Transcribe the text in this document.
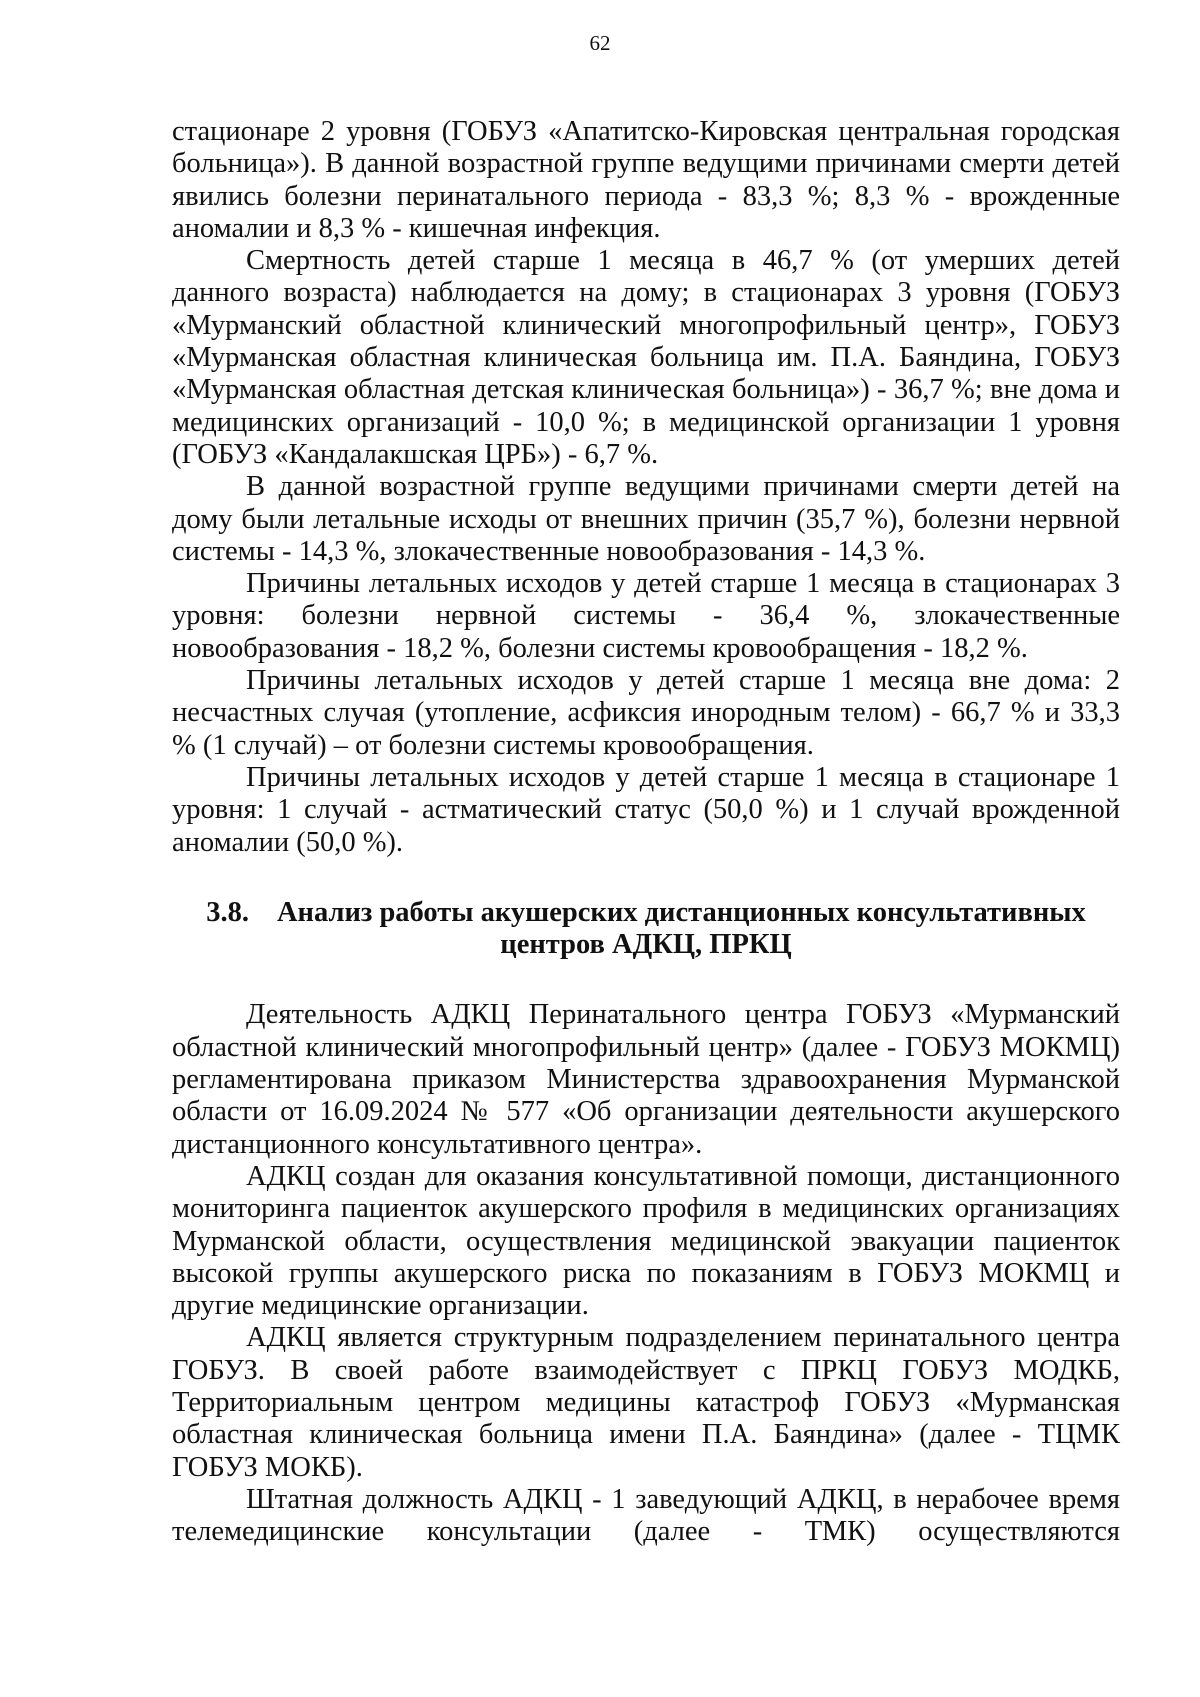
62

стационаре 2 уровня (ГОБУЗ «Апатитско-Кировская центральная городская больница»). В данной возрастной группе ведущими причинами смерти детей явились болезни перинатального периода - 83,3 %; 8,3 % - врожденные аномалии и 8,3 % - кишечная инфекция.

Смертность детей старше 1 месяца в 46,7 % (от умерших детей данного возраста) наблюдается на дому; в стационарах 3 уровня (ГОБУЗ «Мурманский областной клинический многопрофильный центр», ГОБУЗ «Мурманская областная клиническая больница им. П.А. Баяндина, ГОБУЗ «Мурманская областная детская клиническая больница») - 36,7 %; вне дома и медицинских организаций - 10,0 %; в медицинской организации 1 уровня (ГОБУЗ «Кандалакшская ЦРБ») - 6,7 %.

В данной возрастной группе ведущими причинами смерти детей на дому были летальные исходы от внешних причин (35,7 %), болезни нервной системы - 14,3 %, злокачественные новообразования - 14,3 %.

Причины летальных исходов у детей старше 1 месяца в стационарах 3 уровня: болезни нервной системы - 36,4 %, злокачественные новообразования - 18,2 %, болезни системы кровообращения - 18,2 %.

Причины летальных исходов у детей старше 1 месяца вне дома: 2 несчастных случая (утопление, асфиксия инородным телом) - 66,7 % и 33,3 % (1 случай) – от болезни системы кровообращения.

Причины летальных исходов у детей старше 1 месяца в стационаре 1 уровня: 1 случай - астматический статус (50,0 %) и 1 случай врожденной аномалии (50,0 %).

3.8. Анализ работы акушерских дистанционных консультативных
центров АДКЦ, ПРКЦ

Деятельность АДКЦ Перинатального центра ГОБУЗ «Мурманский областной клинический многопрофильный центр» (далее - ГОБУЗ МОКМЦ) регламентирована приказом Министерства здравоохранения Мурманской области от 16.09.2024 № 577 «Об организации деятельности акушерского дистанционного консультативного центра».

АДКЦ создан для оказания консультативной помощи, дистанционного мониторинга пациенток акушерского профиля в медицинских организациях Мурманской области, осуществления медицинской эвакуации пациенток высокой группы акушерского риска по показаниям в ГОБУЗ МОКМЦ и другие медицинские организации.

АДКЦ является структурным подразделением перинатального центра ГОБУЗ. В своей работе взаимодействует с ПРКЦ ГОБУЗ МОДКБ, Территориальным центром медицины катастроф ГОБУЗ «Мурманская областная клиническая больница имени П.А. Баяндина» (далее - ТЦМК ГОБУЗ МОКБ).

Штатная должность АДКЦ - 1 заведующий АДКЦ, в нерабочее время телемедицинские консультации (далее - ТМК) осуществляются
